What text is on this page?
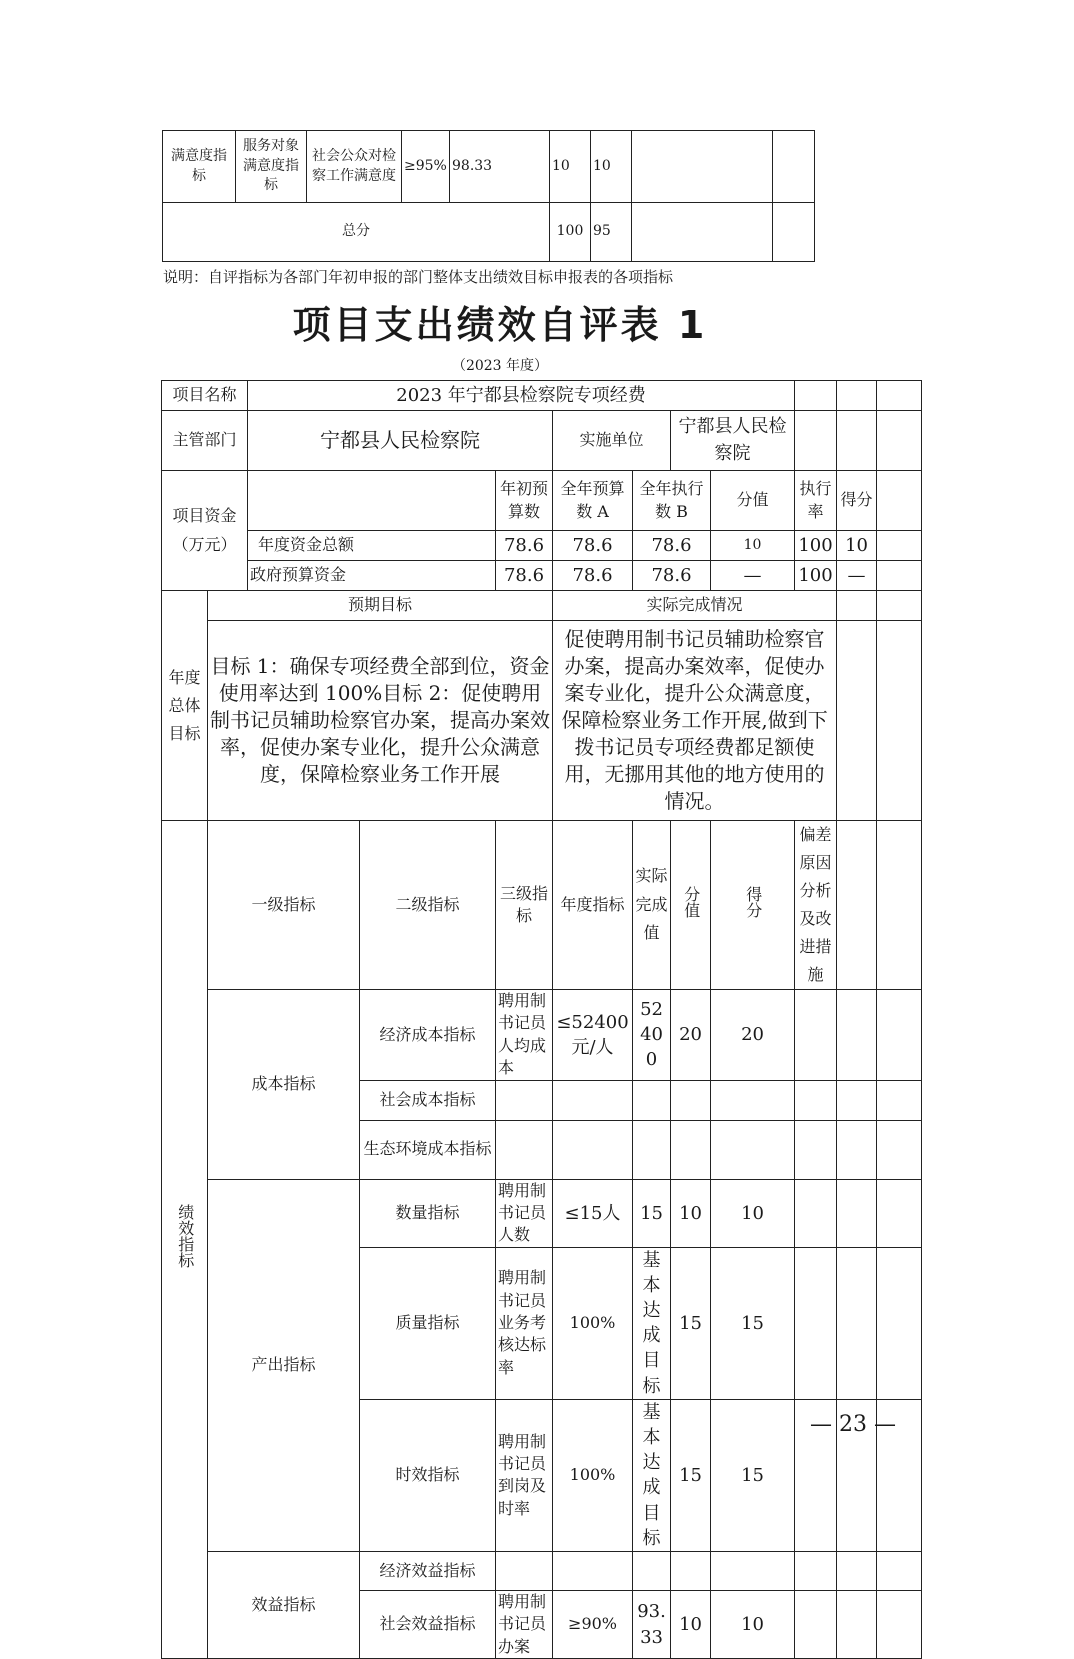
满意度指标	服务对象满意度指标	社会公众对检察工作满意度	≥95%	98.33	10	10		
总分					100	95		
说明：自评指标为各部门年初申报的部门整体支出绩效目标申报表的各项指标
项目支出绩效自评表 1
（2023 年度）
项目名称		2023 年宁都县检察院专项经费										
主管部门		宁都县人民检察院			实施单位		宁都县人民检察院					
项目资金（万元）				年初预算数	全年预算数 A	全年执行数 B		分值	执行率	得分		
		年度资金总额		78.6	78.6	78.6		10	100	10		
		政府预算资金		78.6	78.6	78.6		—	100	—		
年度总体目标	预期目标				实际完成情况							
	目标 1：确保专项经费全部到位，资金使用率达到 100%目标 2：促使聘用制书记员辅助检察官办案，提高办案效率，促使办案专业化，提升公众满意度，保障检察业务工作开展				促使聘用制书记员辅助检察官办案，提高办案效率，促使办案专业化，提升公众满意度，保障检察业务工作开展,做到下拨书记员专项经费都足额使用，无挪用其他的地方使用的情况。							
绩效指标	一级指标		二级指标	三级指标	年度指标	实际完成值	分值	得分	偏差原因分析及改进措施			
	成本指标		经济成本指标	聘用制书记员人均成本	≤52400元/人	52400	20	20				
			社会成本指标									
			生态环境成本指标									
	产出指标		数量指标	聘用制书记员人数	≤15人	15	10	10				
			质量指标	聘用制书记员业务考核达标率	100%	基本达成目标	15	15				
			时效指标	聘用制书记员到岗及时率	100%	基本达成目标	15	15				
	效益指标		经济效益指标									
			社会效益指标	聘用制书记员办案	≥90%	93.33	10	10				
— 23 —
